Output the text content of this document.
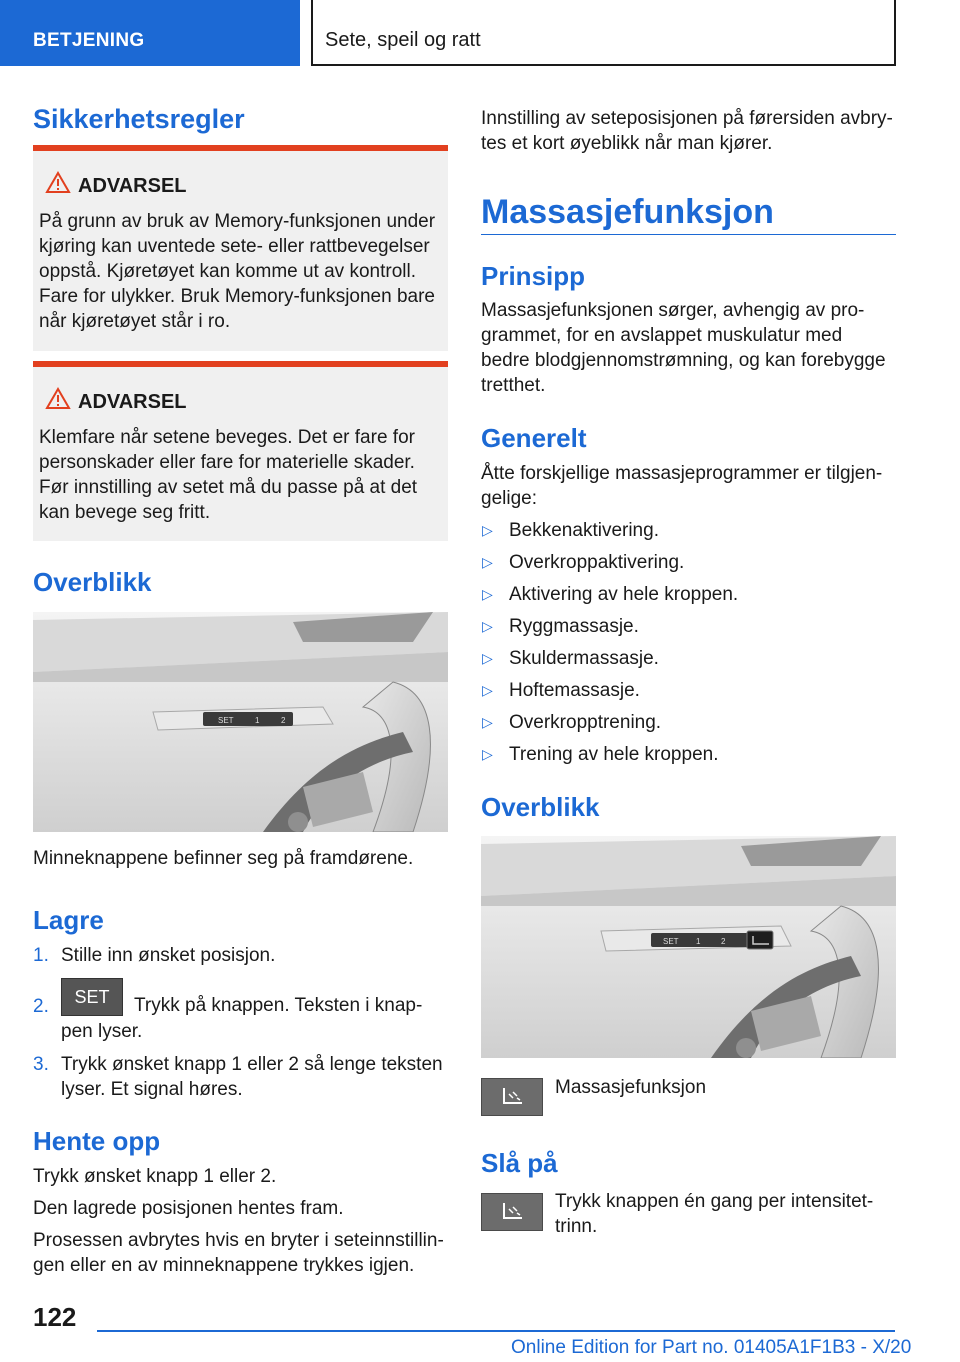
BETJENING	Sete, speil og ratt
Sikkerhetsregler
ADVARSEL
På grunn av bruk av Memory-funksjonen under
kjøring kan uventede sete- eller rattbevegelser
oppstå. Kjøretøyet kan komme ut av kontroll.
Fare for ulykker. Bruk Memory-funksjonen bare
når kjøretøyet står i ro.
ADVARSEL
Klemfare når setene beveges. Det er fare for
personskader eller fare for materielle skader.
Før innstilling av setet må du passe på at det
kan bevege seg fritt.
Overblikk
SET	1	2
Minneknappene befinner seg på framdørene.
Lagre
1. Stille inn ønsket posisjon.
2.	SET	Trykk på knappen. Teksten i knap-
pen lyser.
3. Trykk ønsket knapp 1 eller 2 så lenge teksten
lyser. Et signal høres.
Hente opp
Trykk ønsket knapp 1 eller 2.
Den lagrede posisjonen hentes fram.
Prosessen avbrytes hvis en bryter i seteinnstillin-
gen eller en av minneknappene trykkes igjen.
Innstilling av seteposisjonen på førersiden avbry-
tes et kort øyeblikk når man kjører.
Massasjefunksjon
Prinsipp
Massasjefunksjonen sørger, avhengig av pro-
grammet, for en avslappet muskulatur med
bedre blodgjennomstrømning, og kan forebygge
tretthet.
Generelt
Åtte forskjellige massasjeprogrammer er tilgjen-
gelige:
▷ Bekkenaktivering.
▷ Overkroppaktivering.
▷ Aktivering av hele kroppen.
▷ Ryggmassasje.
▷ Skuldermassasje.
▷ Hoftemassasje.
▷ Overkropptrening.
▷ Trening av hele kroppen.
Overblikk
SET 1	2
Massasjefunksjon
Slå på
Trykk knappen én gang per intensitet-
trinn.
122
Online Edition for Part no. 01405A1F1B3 - X/20
